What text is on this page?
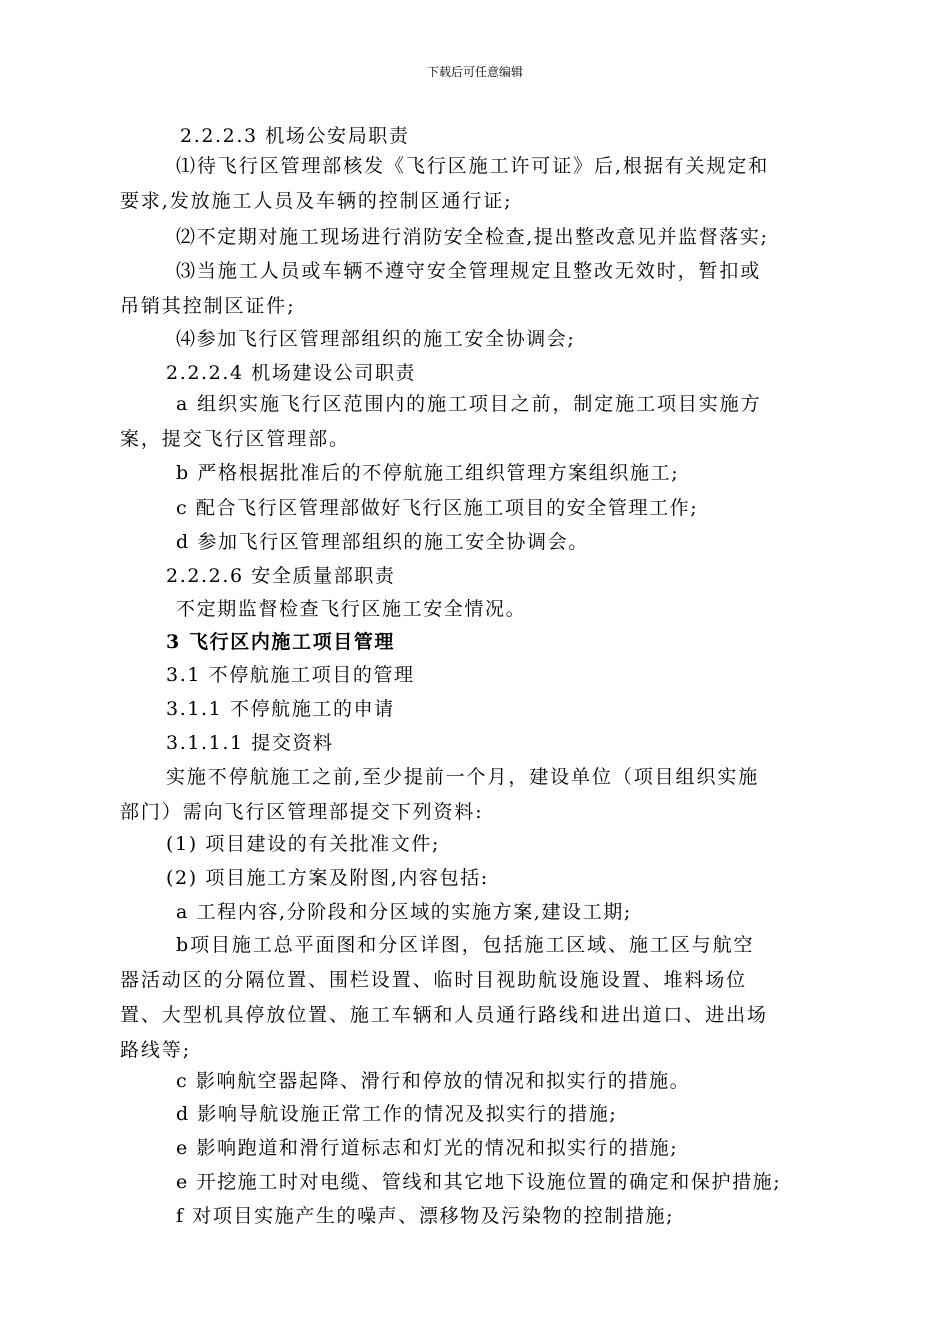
下载后可任意编辑
2.2.2.3 机场公安局职责
⑴待飞行区管理部核发《飞行区施工许可证》后,根据有关规定和要求,发放施工人员及车辆的控制区通行证;
⑵不定期对施工现场进行消防安全检查,提出整改意见并监督落实;
⑶当施工人员或车辆不遵守安全管理规定且整改无效时，暂扣或吊销其控制区证件;
⑷参加飞行区管理部组织的施工安全协调会;
2.2.2.4 机场建设公司职责
a 组织实施飞行区范围内的施工项目之前，制定施工项目实施方案，提交飞行区管理部。
b 严格根据批准后的不停航施工组织管理方案组织施工;
c 配合飞行区管理部做好飞行区施工项目的安全管理工作;
d 参加飞行区管理部组织的施工安全协调会。
2.2.2.6 安全质量部职责
不定期监督检查飞行区施工安全情况。
3 飞行区内施工项目管理
3.1 不停航施工项目的管理
3.1.1 不停航施工的申请
3.1.1.1 提交资料
实施不停航施工之前,至少提前一个月，建设单位（项目组织实施部门）需向飞行区管理部提交下列资料:
(1) 项目建设的有关批准文件;
(2) 项目施工方案及附图,内容包括:
a 工程内容,分阶段和分区域的实施方案,建设工期;
b项目施工总平面图和分区详图，包括施工区域、施工区与航空器活动区的分隔位置、围栏设置、临时目视助航设施设置、堆料场位置、大型机具停放位置、施工车辆和人员通行路线和进出道口、进出场路线等;
c 影响航空器起降、滑行和停放的情况和拟实行的措施。
d 影响导航设施正常工作的情况及拟实行的措施;
e 影响跑道和滑行道标志和灯光的情况和拟实行的措施;
e 开挖施工时对电缆、管线和其它地下设施位置的确定和保护措施;
f 对项目实施产生的噪声、漂移物及污染物的控制措施;
